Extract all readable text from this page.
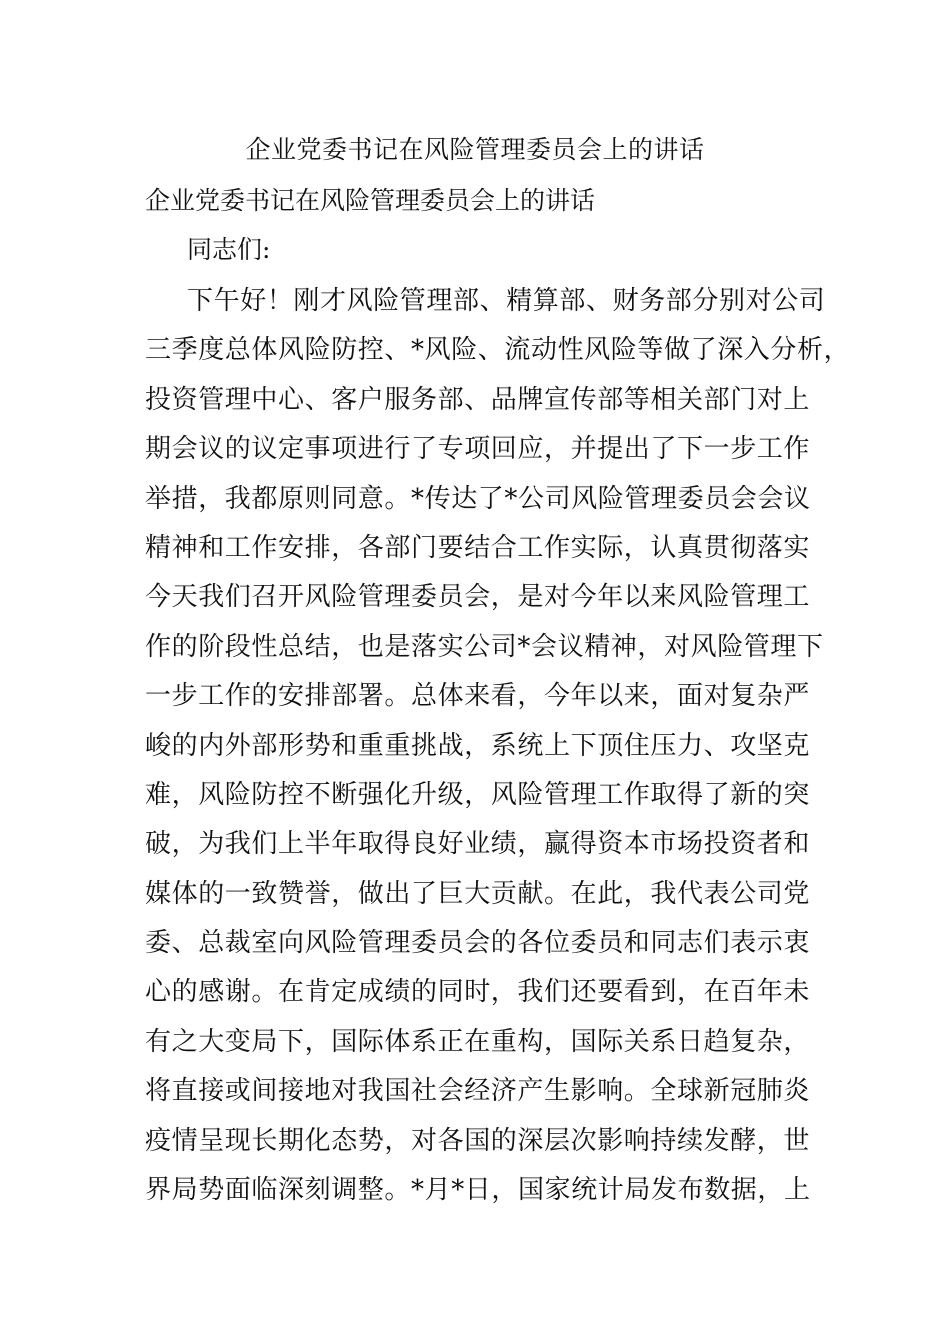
企业党委书记在风险管理委员会上的讲话
企业党委书记在风险管理委员会上的讲话
同志们:
下午好！刚才风险管理部、精算部、财务部分别对公司
三季度总体风险防控、*风险、流动性风险等做了深入分析，
投资管理中心、客户服务部、品牌宣传部等相关部门对上
期会议的议定事项进行了专项回应，并提出了下一步工作
举措，我都原则同意。*传达了*公司风险管理委员会会议
精神和工作安排，各部门要结合工作实际，认真贯彻落实
今天我们召开风险管理委员会，是对今年以来风险管理工
作的阶段性总结，也是落实公司*会议精神，对风险管理下
一步工作的安排部署。总体来看，今年以来，面对复杂严
峻的内外部形势和重重挑战，系统上下顶住压力、攻坚克
难，风险防控不断强化升级，风险管理工作取得了新的突
破，为我们上半年取得良好业绩，赢得资本市场投资者和
媒体的一致赞誉，做出了巨大贡献。在此，我代表公司党
委、总裁室向风险管理委员会的各位委员和同志们表示衷
心的感谢。在肯定成绩的同时，我们还要看到，在百年未
有之大变局下，国际体系正在重构，国际关系日趋复杂，
将直接或间接地对我国社会经济产生影响。全球新冠肺炎
疫情呈现长期化态势，对各国的深层次影响持续发酵，世
界局势面临深刻调整。*月*日，国家统计局发布数据，上
